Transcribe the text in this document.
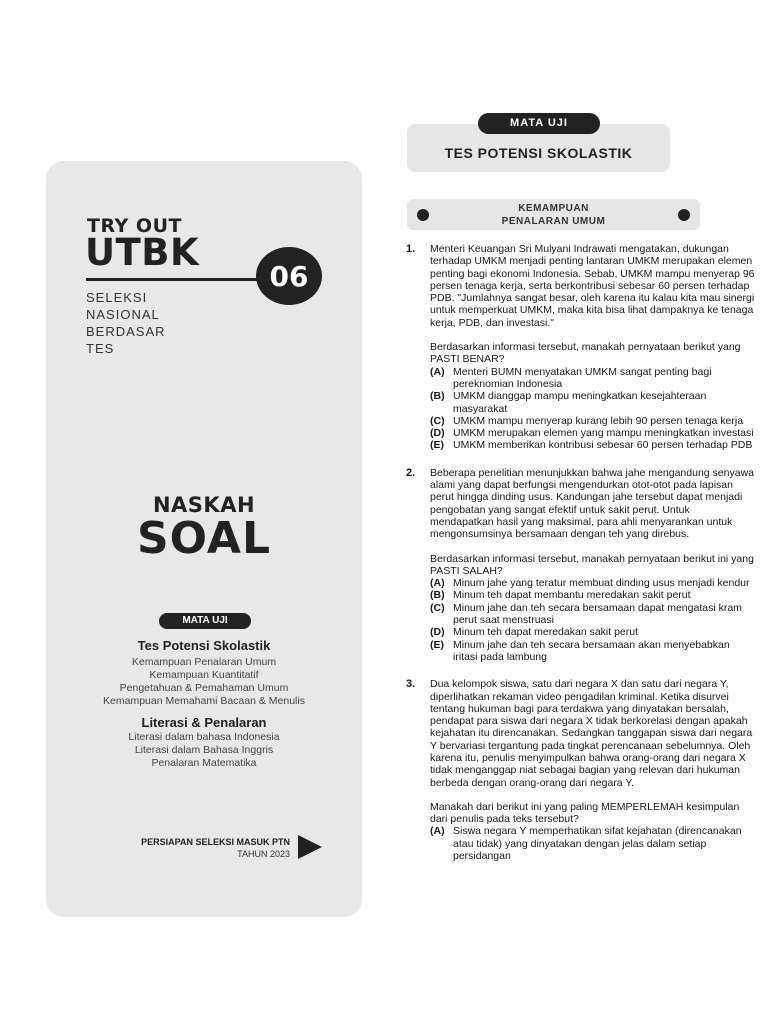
TRY OUT
UTBK
06
SELEKSI
NASIONAL
BERDASAR
TES
NASKAH
SOAL
MATA UJI
Tes Potensi Skolastik
Kemampuan Penalaran Umum
Kemampuan Kuantitatif
Pengetahuan & Pemahaman Umum
Kemampuan Memahami Bacaan & Menulis
Literasi & Penalaran
Literasi dalam bahasa Indonesia
Literasi dalam Bahasa Inggris
Penalaran Matematika
PERSIAPAN SELEKSI MASUK PTN
TAHUN 2023
MATA UJI
TES POTENSI SKOLASTIK
KEMAMPUAN
PENALARAN UMUM
1.	Menteri Keuangan Sri Mulyani Indrawati mengatakan, dukungan terhadap UMKM menjadi penting lantaran UMKM merupakan elemen penting bagi ekonomi Indonesia. Sebab, UMKM mampu menyerap 96 persen tenaga kerja, serta berkontribusi sebesar 60 persen terhadap PDB. "Jumlahnya sangat besar, oleh karena itu kalau kita mau sinergi untuk memperkuat UMKM, maka kita bisa lihat dampaknya ke tenaga kerja, PDB, dan investasi."

Berdasarkan informasi tersebut, manakah pernyataan berikut yang PASTI BENAR?

(A) Menteri BUMN menyatakan UMKM sangat penting bagi pereknomian Indonesia
(B) UMKM dianggap mampu meningkatkan kesejahteraan masyarakat
(C) UMKM mampu menyerap kurang lebih 90 persen tenaga kerja
(D) UMKM merupakan elemen yang mampu meningkatkan investasi
(E) UMKM memberikan kontribusi sebesar 60 persen terhadap PDB
2.	Beberapa penelitian menunjukkan bahwa jahe mengandung senyawa alami yang dapat berfungsi mengendurkan otot-otot pada lapisan perut hingga dinding usus. Kandungan jahe tersebut dapat menjadi pengobatan yang sangat efektif untuk sakit perut. Untuk mendapatkan hasil yang maksimal, para ahli menyarankan untuk mengonsumsinya bersamaan dengan teh yang direbus.

Berdasarkan informasi tersebut, manakah pernyataan berikut ini yang PASTI SALAH?

(A) Minum jahe yang teratur membuat dinding usus menjadi kendur
(B) Minum teh dapat membantu meredakan sakit perut
(C) Minum jahe dan teh secara bersamaan dapat mengatasi kram perut saat menstruasi
(D) Minum teh dapat meredakan sakit perut
(E) Minum jahe dan teh secara bersamaan akan menyebabkan iritasi pada lambung
3.	Dua kelompok siswa, satu dari negara X dan satu dari negara Y, diperlihatkan rekaman video pengadilan kriminal. Ketika disurvei tentang hukuman bagi para terdakwa yang dinyatakan bersalah, pendapat para siswa dari negara X tidak berkorelasi dengan apakah kejahatan itu direncanakan. Sedangkan tanggapan siswa dari negara Y bervariasi tergantung pada tingkat perencanaan sebelumnya. Oleh karena itu, penulis menyimpulkan bahwa orang-orang dari negara X tidak menganggap niat sebagai bagian yang relevan dari hukuman berbeda dengan orang-orang dari negara Y.

Manakah dari berikut ini yang paling MEMPERLEMAH kesimpulan dari penulis pada teks tersebut?

(A) Siswa negara Y memperhatikan sifat kejahatan (direncanakan atau tidak) yang dinyatakan dengan jelas dalam setiap persidangan
